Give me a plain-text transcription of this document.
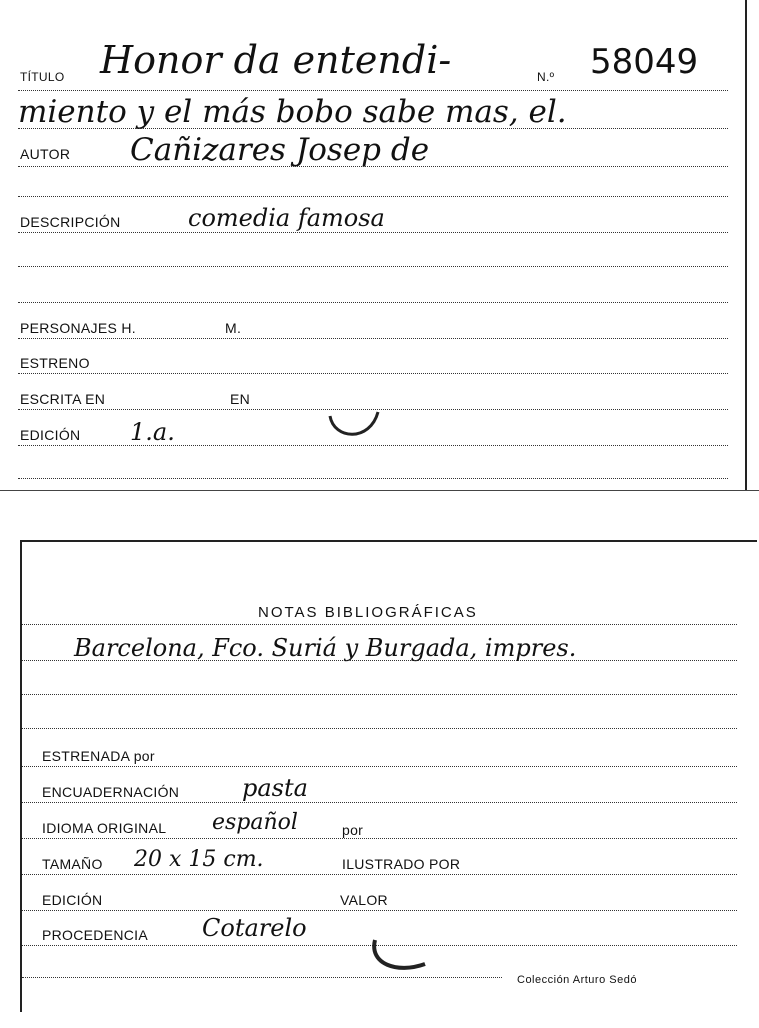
TÍTULO Honor da entendi-	N.º 58049
miento y el más bobo sabe mas, el.
AUTOR Cañizares Josep de
DESCRIPCIÓN	comedia famosa
PERSONAJES H.	M.
ESTRENO
ESCRITA EN	EN
EDICIÓN 1.a.
NOTAS BIBLIOGRÁFICAS
Barcelona, Fco. Suriá y Burgada, impres.
ESTRENADA por
ENCUADERNACIÓN	pasta
IDIOMA ORIGINAL español	por
TAMAÑO 20 x 15 cm.	ILUSTRADO POR
EDICIÓN	VALOR
PROCEDENCIA Cotarelo
Colección Arturo Sedó
